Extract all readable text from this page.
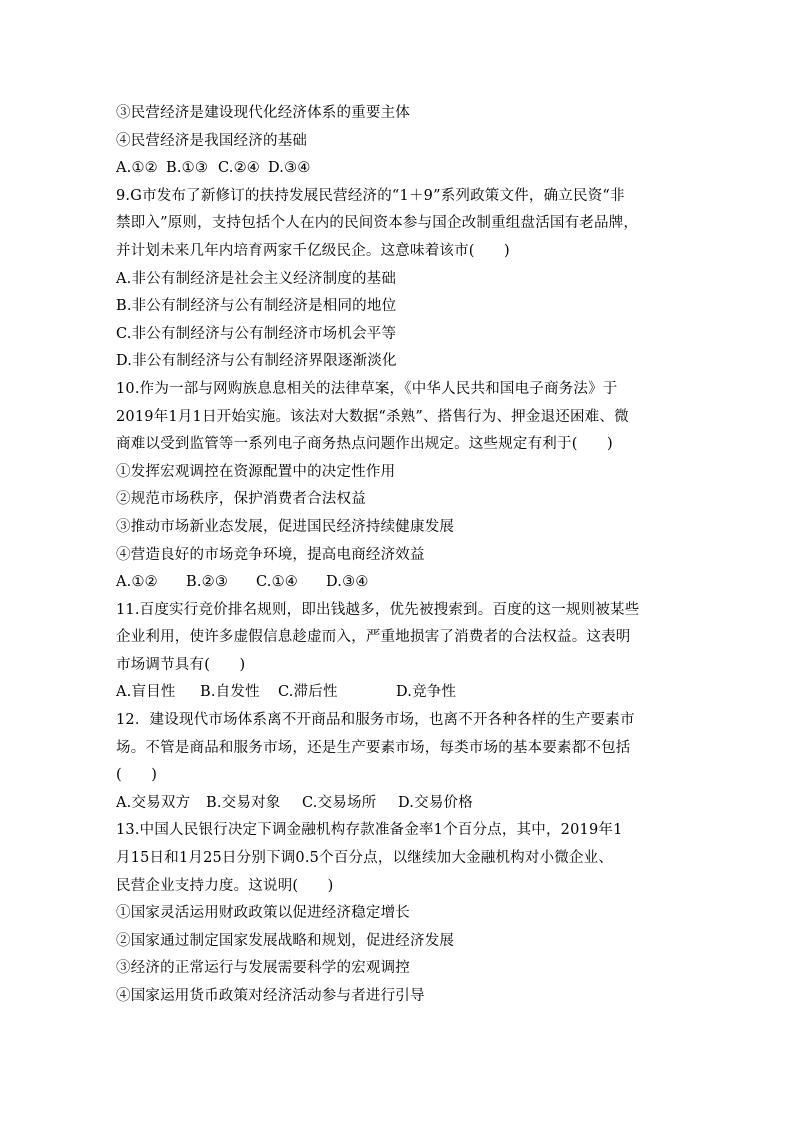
③民营经济是建设现代化经济体系的重要主体
④民营经济是我国经济的基础
A.①② B.①③ C.②④ D.③④
9.G市发布了新修订的扶持发展民营经济的“1＋9”系列政策文件，确立民资“非
禁即入”原则，支持包括个人在内的民间资本参与国企改制重组盘活国有老品牌，
并计划未来几年内培育两家千亿级民企。这意味着该市(　　)
A.非公有制经济是社会主义经济制度的基础
B.非公有制经济与公有制经济是相同的地位
C.非公有制经济与公有制经济市场机会平等
D.非公有制经济与公有制经济界限逐渐淡化
10.作为一部与网购族息息相关的法律草案，《中华人民共和国电子商务法》于
2019年1月1日开始实施。该法对大数据“杀熟”、搭售行为、押金退还困难、微
商难以受到监管等一系列电子商务热点问题作出规定。这些规定有利于(　　)
①发挥宏观调控在资源配置中的决定性作用
②规范市场秩序，保护消费者合法权益
③推动市场新业态发展，促进国民经济持续健康发展
④营造良好的市场竞争环境，提高电商经济效益
A.①② B.②③ C.①④ D.③④
11.百度实行竞价排名规则，即出钱越多，优先被搜索到。百度的这一规则被某些
企业利用，使许多虚假信息趁虚而入，严重地损害了消费者的合法权益。这表明
市场调节具有(　　)
A.盲目性 B.自发性 C.滞后性	D.竞争性
12．建设现代市场体系离不开商品和服务市场，也离不开各种各样的生产要素市
场。不管是商品和服务市场，还是生产要素市场，每类市场的基本要素都不包括
(　　)
A.交易双方 B.交易对象 C.交易场所 D.交易价格
13.中国人民银行决定下调金融机构存款准备金率1个百分点，其中，2019年1
月15日和1月25日分别下调0.5个百分点，以继续加大金融机构对小微企业、
民营企业支持力度。这说明(　　)
①国家灵活运用财政政策以促进经济稳定增长
②国家通过制定国家发展战略和规划，促进经济发展
③经济的正常运行与发展需要科学的宏观调控
④国家运用货币政策对经济活动参与者进行引导
